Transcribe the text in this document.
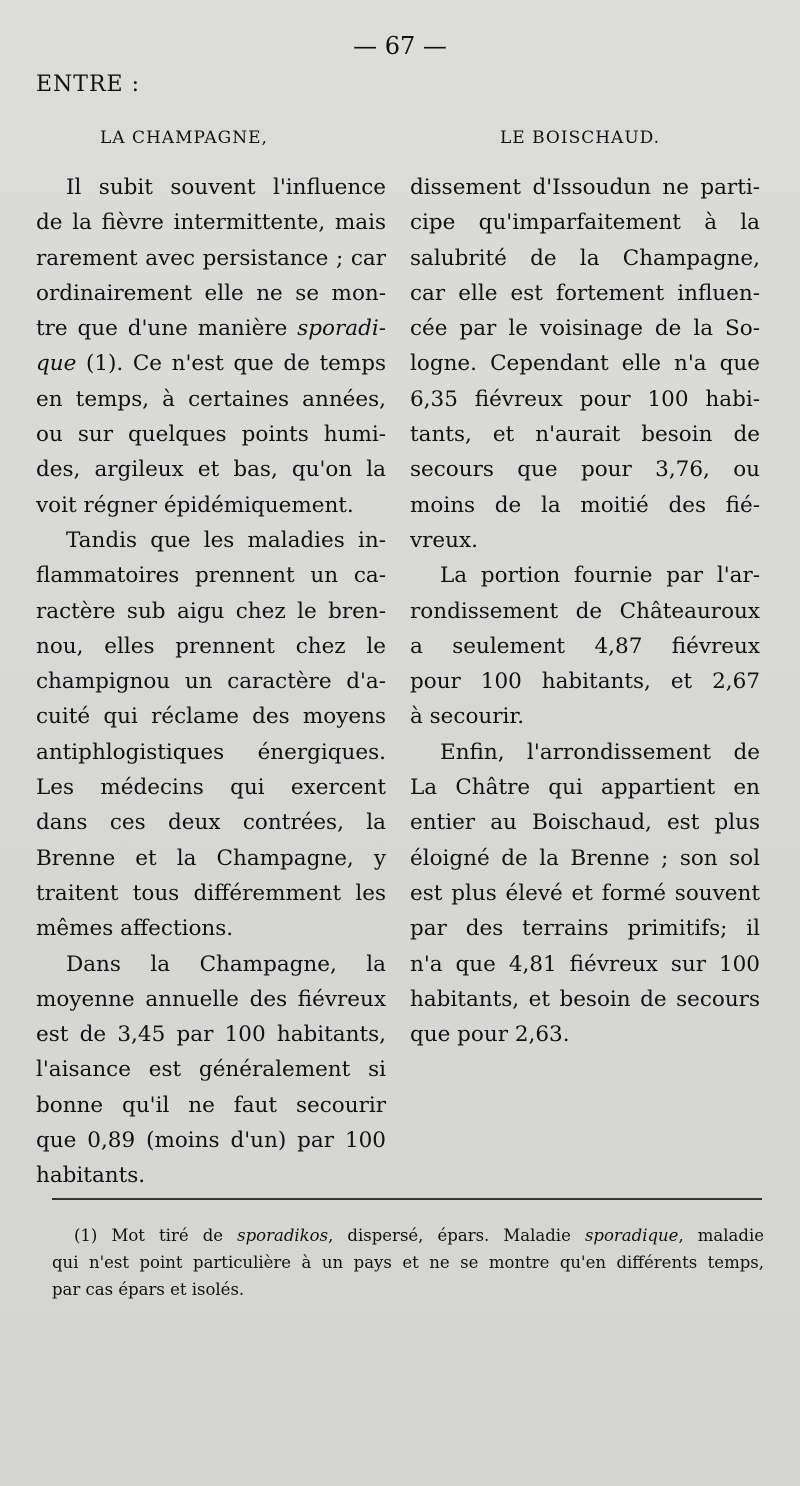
— 67 —
ENTRE :
LA CHAMPAGNE,	LE BOISCHAUD.
Il subit souvent l'influence
de la fièvre intermittente, mais
rarement avec persistance ; car
ordinairement elle ne se mon-
tre que d'une manière sporadi-
que (1). Ce n'est que de temps
en temps, à certaines années,
ou sur quelques points humi-
des, argileux et bas, qu'on la
voit régner épidémiquement.
Tandis que les maladies in-
flammatoires prennent un ca-
ractère sub aigu chez le bren-
nou, elles prennent chez le
champignou un caractère d'a-
cuité qui réclame des moyens
antiphlogistiques énergiques.
Les médecins qui exercent
dans ces deux contrées, la
Brenne et la Champagne, y
traitent tous différemment les
mêmes affections.
Dans la Champagne, la
moyenne annuelle des fiévreux
est de 3,45 par 100 habitants,
l'aisance est généralement si
bonne qu'il ne faut secourir
que 0,89 (moins d'un) par 100
habitants.
dissement d'Issoudun ne parti-
cipe qu'imparfaitement à la
salubrité de la Champagne,
car elle est fortement influen-
cée par le voisinage de la So-
logne. Cependant elle n'a que
6,35 fiévreux pour 100 habi-
tants, et n'aurait besoin de
secours que pour 3,76, ou
moins de la moitié des fié-
vreux.
La portion fournie par l'ar-
rondissement de Châteauroux
a seulement 4,87 fiévreux
pour 100 habitants, et 2,67
à secourir.
Enfin, l'arrondissement de
La Châtre qui appartient en
entier au Boischaud, est plus
éloigné de la Brenne ; son sol
est plus élevé et formé souvent
par des terrains primitifs; il
n'a que 4,81 fiévreux sur 100
habitants, et besoin de secours
que pour 2,63.
(1) Mot tiré de sporadikos, dispersé, épars. Maladie sporadique, maladie
qui n'est point particulière à un pays et ne se montre qu'en différents temps,
par cas épars et isolés.
